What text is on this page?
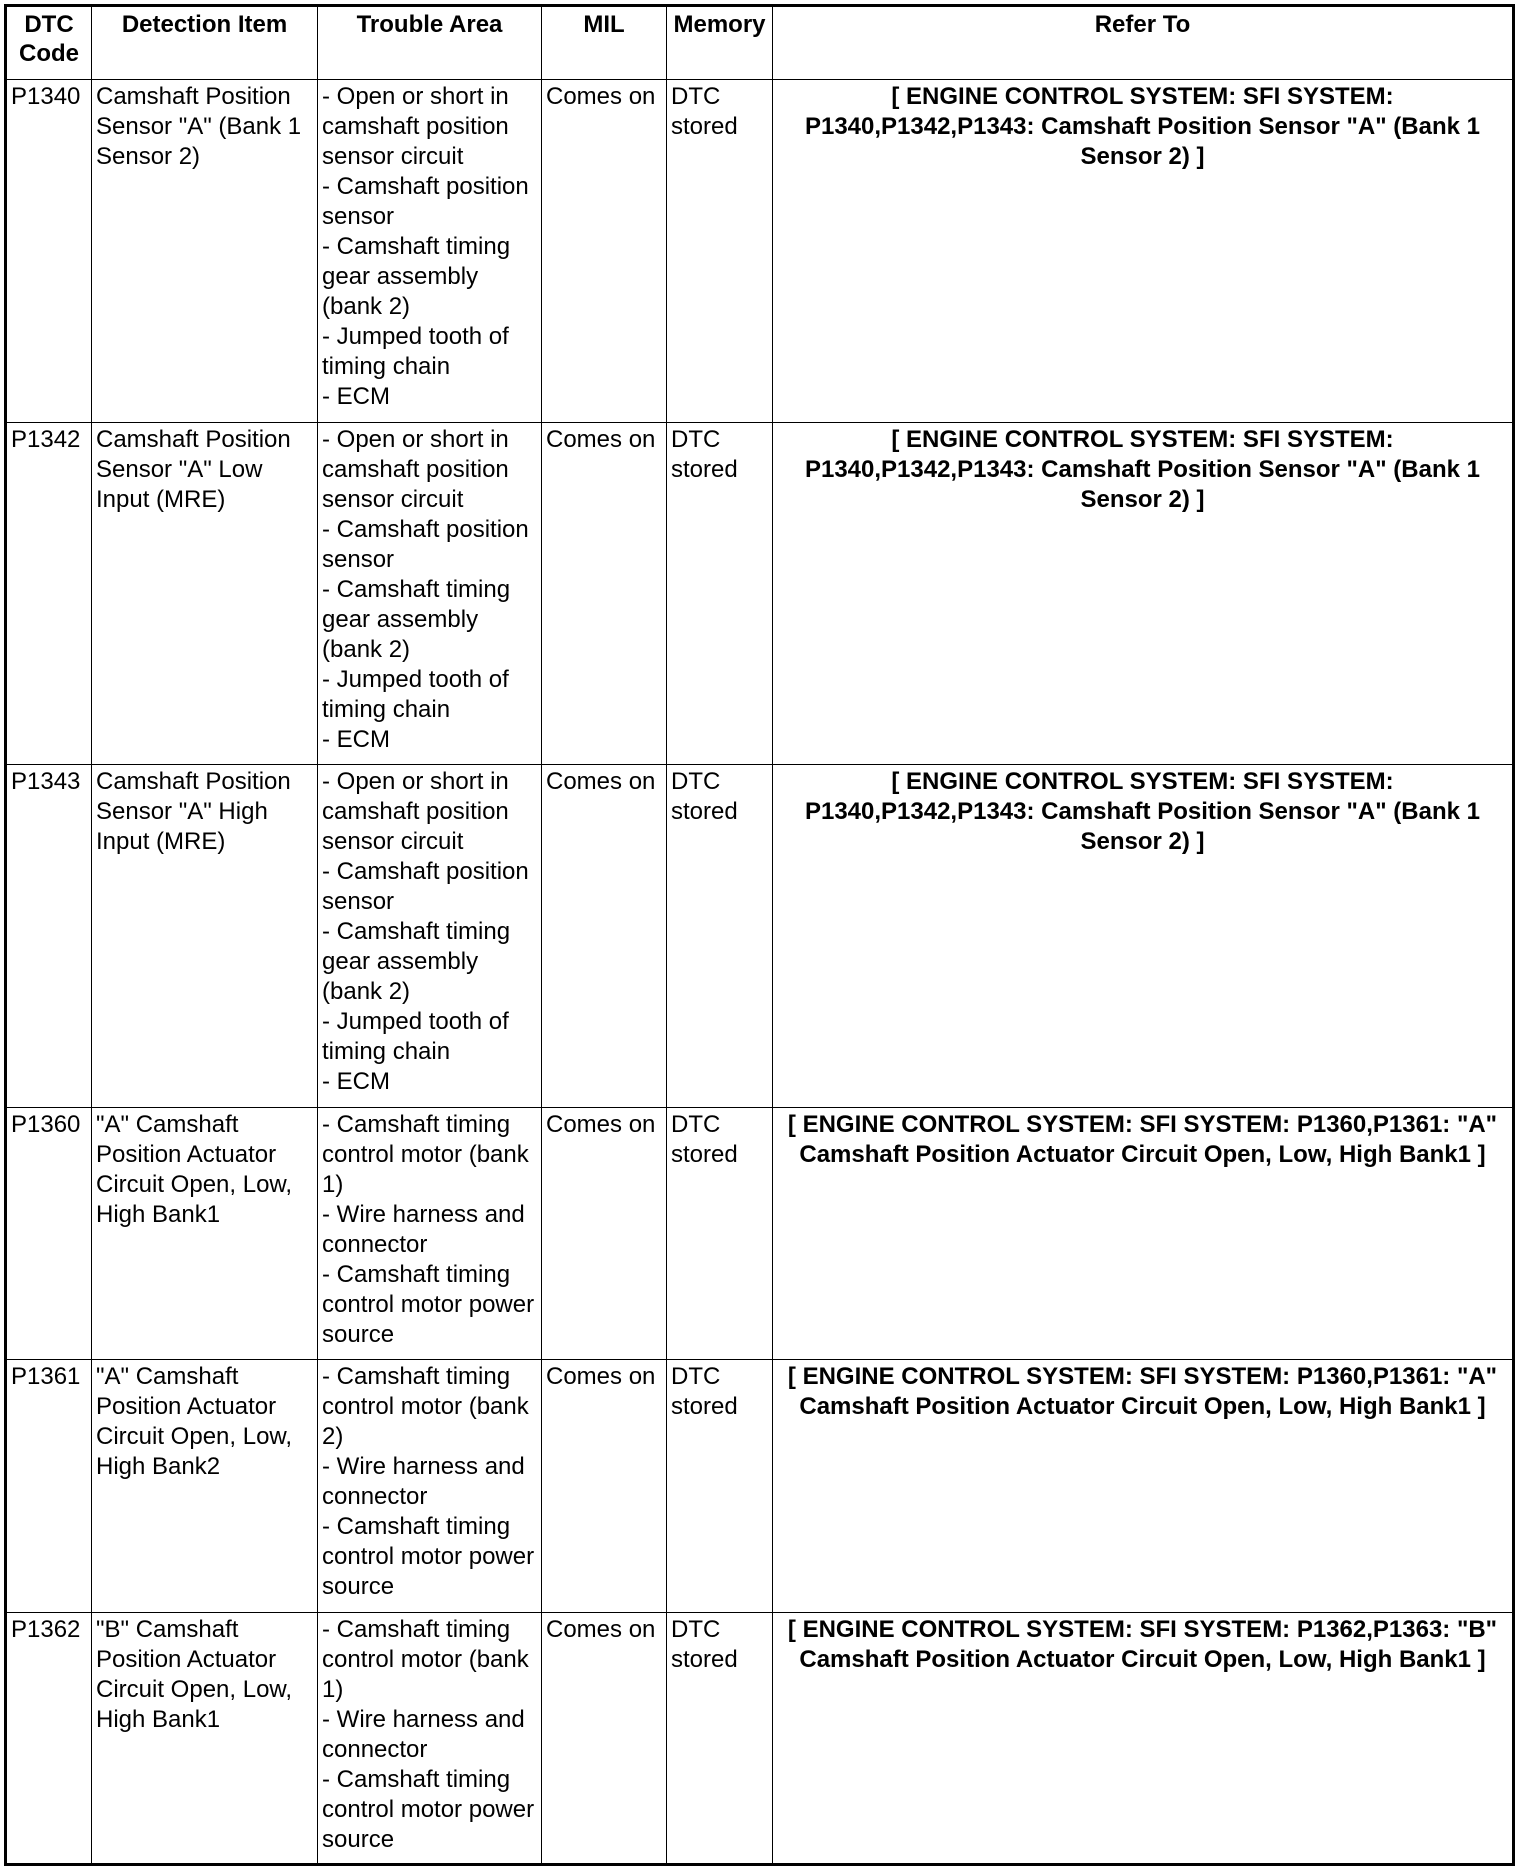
DTC Code	Detection Item	Trouble Area	MIL	Memory	Refer To
P1340	Camshaft Position Sensor "A" (Bank 1 Sensor 2)	- Open or short in camshaft position sensor circuit
- Camshaft position sensor
- Camshaft timing gear assembly (bank 2)
- Jumped tooth of timing chain
- ECM	Comes on	DTC stored	[ ENGINE CONTROL SYSTEM: SFI SYSTEM: P1340,P1342,P1343: Camshaft Position Sensor "A" (Bank 1 Sensor 2) ]
P1342	Camshaft Position Sensor "A" Low Input (MRE)	- Open or short in camshaft position sensor circuit
- Camshaft position sensor
- Camshaft timing gear assembly (bank 2)
- Jumped tooth of timing chain
- ECM	Comes on	DTC stored	[ ENGINE CONTROL SYSTEM: SFI SYSTEM: P1340,P1342,P1343: Camshaft Position Sensor "A" (Bank 1 Sensor 2) ]
P1343	Camshaft Position Sensor "A" High Input (MRE)	- Open or short in camshaft position sensor circuit
- Camshaft position sensor
- Camshaft timing gear assembly (bank 2)
- Jumped tooth of timing chain
- ECM	Comes on	DTC stored	[ ENGINE CONTROL SYSTEM: SFI SYSTEM: P1340,P1342,P1343: Camshaft Position Sensor "A" (Bank 1 Sensor 2) ]
P1360	"A" Camshaft Position Actuator Circuit Open, Low, High Bank1	- Camshaft timing control motor (bank 1)
- Wire harness and connector
- Camshaft timing control motor power source	Comes on	DTC stored	[ ENGINE CONTROL SYSTEM: SFI SYSTEM: P1360,P1361: "A" Camshaft Position Actuator Circuit Open, Low, High Bank1 ]
P1361	"A" Camshaft Position Actuator Circuit Open, Low, High Bank2	- Camshaft timing control motor (bank 2)
- Wire harness and connector
- Camshaft timing control motor power source	Comes on	DTC stored	[ ENGINE CONTROL SYSTEM: SFI SYSTEM: P1360,P1361: "A" Camshaft Position Actuator Circuit Open, Low, High Bank1 ]
P1362	"B" Camshaft Position Actuator Circuit Open, Low, High Bank1	- Camshaft timing control motor (bank 1)
- Wire harness and connector
- Camshaft timing control motor power source	Comes on	DTC stored	[ ENGINE CONTROL SYSTEM: SFI SYSTEM: P1362,P1363: "B" Camshaft Position Actuator Circuit Open, Low, High Bank1 ]
